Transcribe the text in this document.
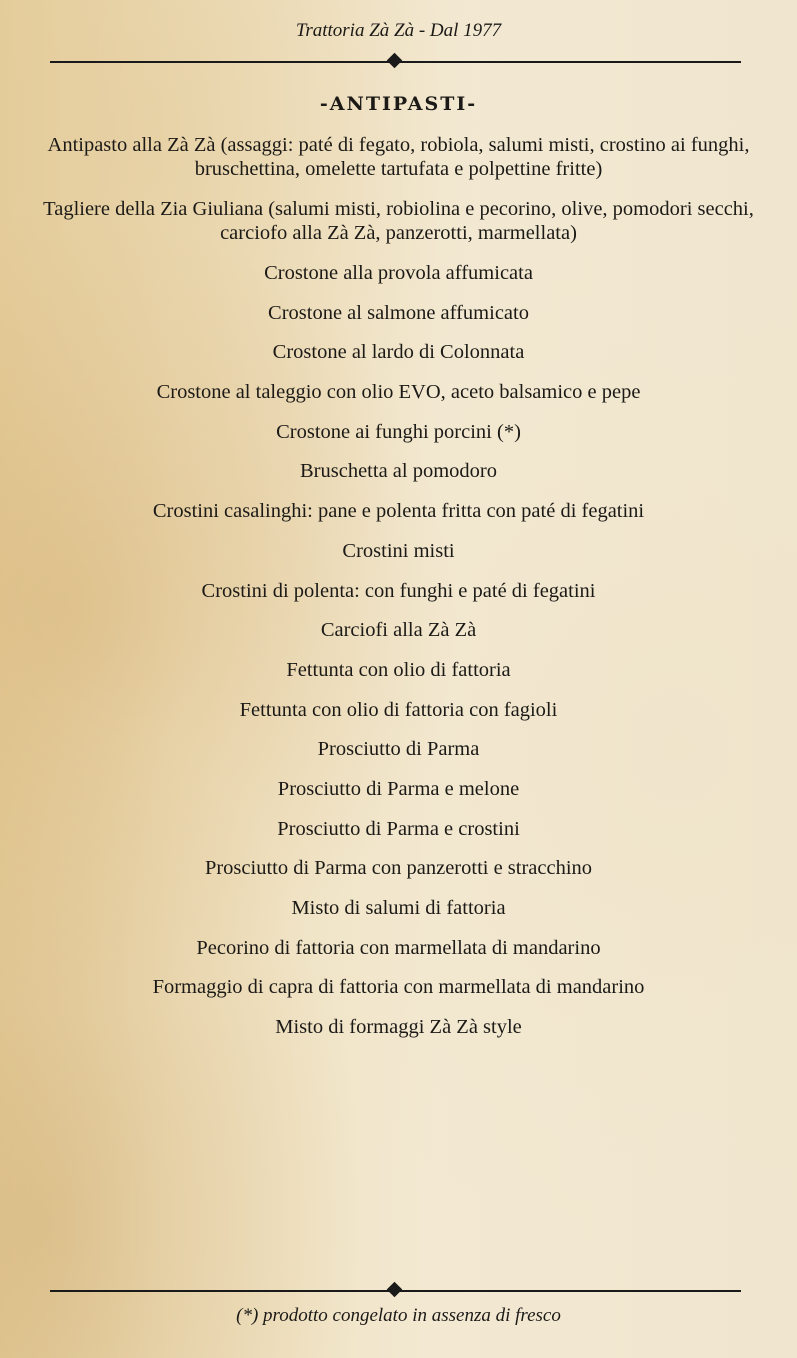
Trattoria Zà Zà - Dal 1977
-ANTIPASTI-
Antipasto alla Zà Zà (assaggi: paté di fegato, robiola, salumi misti, crostino ai funghi, bruschettina, omelette tartufata e polpettine fritte)
Tagliere della Zia Giuliana (salumi misti, robiolina e pecorino, olive, pomodori secchi, carciofo alla Zà Zà, panzerotti, marmellata)
Crostone alla provola affumicata
Crostone al salmone affumicato
Crostone al lardo di Colonnata
Crostone al taleggio con olio EVO, aceto balsamico e pepe
Crostone ai funghi porcini (*)
Bruschetta al pomodoro
Crostini casalinghi: pane e polenta fritta con paté di fegatini
Crostini misti
Crostini di polenta: con funghi e paté di fegatini
Carciofi alla Zà Zà
Fettunta con olio di fattoria
Fettunta con olio di fattoria con fagioli
Prosciutto di Parma
Prosciutto di Parma e melone
Prosciutto di Parma e crostini
Prosciutto di Parma con panzerotti e stracchino
Misto di salumi di fattoria
Pecorino di fattoria con marmellata di mandarino
Formaggio di capra di fattoria con marmellata di mandarino
Misto di formaggi Zà Zà style
(*) prodotto congelato in assenza di fresco
